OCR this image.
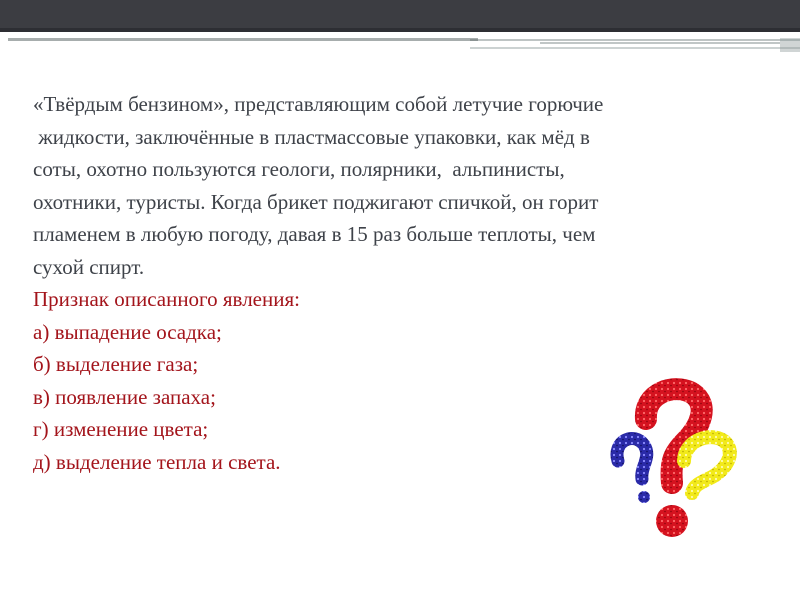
«Твёрдым бензином», представляющим собой летучие горючие

жидкости, заключённые в пластмассовые упаковки, как мёд в

соты, охотно пользуются геологи, полярники,  альпинисты,

охотники, туристы. Когда брикет поджигают спичкой, он горит

пламенем в любую погоду, давая в 15 раз больше теплоты, чем

сухой спирт.

Признак описанного явления:

а) выпадение осадка;

б) выделение газа;

в) появление запаха;

г) изменение цвета;

д) выделение тепла и света.
